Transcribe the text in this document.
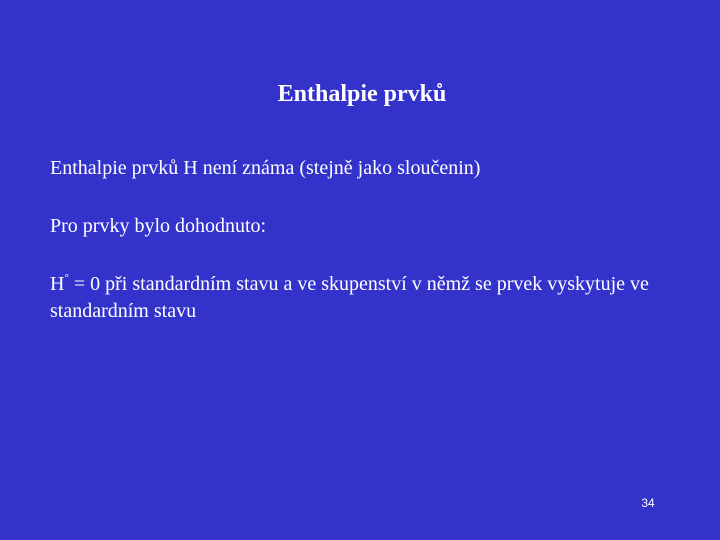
Enthalpie prvků

Enthalpie prvků H není známa (stejně jako sloučenin)

Pro prvky bylo dohodnuto:

H° = 0 při standardním stavu a ve skupenství v němž se prvek vyskytuje ve standardním stavu

34
